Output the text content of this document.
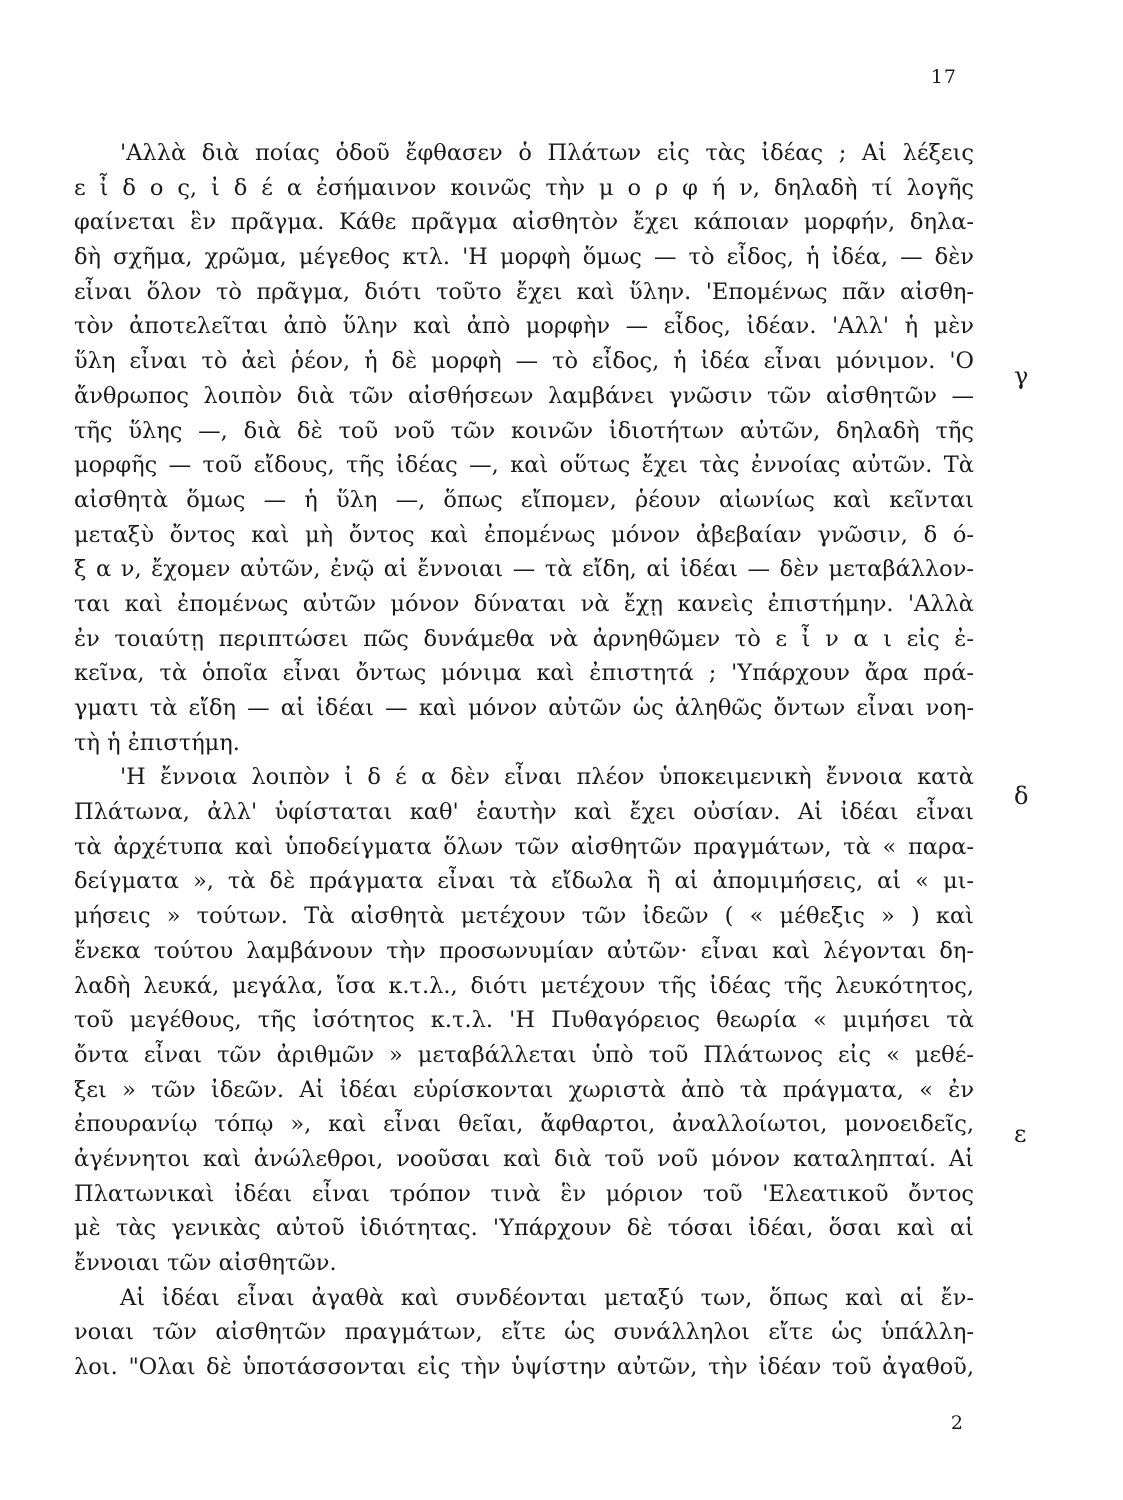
17
γ
δ
ε
'Αλλὰ διὰ ποίας ὁδοῦ ἔφθασεν ὁ Πλάτων εἰς τὰς ἰδέας ; Αἱ λέξεις
ε ἶ δ ο ς, ἰ δ έ α ἐσήμαινον κοινῶς τὴν μ ο ρ φ ή ν, δηλαδὴ τί λογῆς
φαίνεται ἓν πρᾶγμα. Κάθε πρᾶγμα αἰσθητὸν ἔχει κάποιαν μορφήν, δηλα-
δὴ σχῆμα, χρῶμα, μέγεθος κτλ. 'Η μορφὴ ὅμως — τὸ εἶδος, ἡ ἰδέα, — δὲν
εἶναι ὅλον τὸ πρᾶγμα, διότι τοῦτο ἔχει καὶ ὕλην. 'Επομένως πᾶν αἰσθη-
τὸν ἀποτελεῖται ἀπὸ ὕλην καὶ ἀπὸ μορφὴν — εἶδος, ἰδέαν. 'Αλλ' ἡ μὲν
ὕλη εἶναι τὸ ἀεὶ ῥέον, ἡ δὲ μορφὴ — τὸ εἶδος, ἡ ἰδέα εἶναι μόνιμον. 'Ο
ἄνθρωπος λοιπὸν διὰ τῶν αἰσθήσεων λαμβάνει γνῶσιν τῶν αἰσθητῶν —
τῆς ὕλης —, διὰ δὲ τοῦ νοῦ τῶν κοινῶν ἰδιοτήτων αὐτῶν, δηλαδὴ τῆς
μορφῆς — τοῦ εἴδους, τῆς ἰδέας —, καὶ οὕτως ἔχει τὰς ἐννοίας αὐτῶν. Τὰ
αἰσθητὰ ὅμως — ἡ ὕλη —, ὅπως εἴπομεν, ῥέουν αἰωνίως καὶ κεῖνται
μεταξὺ ὄντος καὶ μὴ ὄντος καὶ ἐπομένως μόνον ἀβεβαίαν γνῶσιν, δ ό-
ξ α ν, ἔχομεν αὐτῶν, ἐνῷ αἱ ἔννοιαι — τὰ εἴδη, αἱ ἰδέαι — δὲν μεταβάλλον-
ται καὶ ἐπομένως αὐτῶν μόνον δύναται νὰ ἔχῃ κανεὶς ἐπιστήμην. 'Αλλὰ
ἐν τοιαύτῃ περιπτώσει πῶς δυνάμεθα νὰ ἀρνηθῶμεν τὸ ε ἶ ν α ι εἰς ἐ-
κεῖνα, τὰ ὁποῖα εἶναι ὄντως μόνιμα καὶ ἐπιστητά ; 'Υπάρχουν ἄρα πρά-
γματι τὰ εἴδη — αἱ ἰδέαι — καὶ μόνον αὐτῶν ὡς ἀληθῶς ὄντων εἶναι νοη-
τὴ ἡ ἐπιστήμη.
'Η ἔννοια λοιπὸν ἰ δ έ α δὲν εἶναι πλέον ὑποκειμενικὴ ἔννοια κατὰ
Πλάτωνα, ἀλλ' ὑφίσταται καθ' ἑαυτὴν καὶ ἔχει οὐσίαν. Αἱ ἰδέαι εἶναι
τὰ ἀρχέτυπα καὶ ὑποδείγματα ὅλων τῶν αἰσθητῶν πραγμάτων, τὰ « παρα-
δείγματα », τὰ δὲ πράγματα εἶναι τὰ εἴδωλα ἢ αἱ ἀπομιμήσεις, αἱ « μι-
μήσεις » τούτων. Τὰ αἰσθητὰ μετέχουν τῶν ἰδεῶν ( « μέθεξις » ) καὶ
ἕνεκα τούτου λαμβάνουν τὴν προσωνυμίαν αὐτῶν· εἶναι καὶ λέγονται δη-
λαδὴ λευκά, μεγάλα, ἴσα κ.τ.λ., διότι μετέχουν τῆς ἰδέας τῆς λευκότητος,
τοῦ μεγέθους, τῆς ἰσότητος κ.τ.λ. 'Η Πυθαγόρειος θεωρία « μιμήσει τὰ
ὄντα εἶναι τῶν ἀριθμῶν » μεταβάλλεται ὑπὸ τοῦ Πλάτωνος εἰς « μεθέ-
ξει » τῶν ἰδεῶν. Αἱ ἰδέαι εὑρίσκονται χωριστὰ ἀπὸ τὰ πράγματα, « ἐν
ἐπουρανίῳ τόπῳ », καὶ εἶναι θεῖαι, ἄφθαρτοι, ἀναλλοίωτοι, μονοειδεῖς,
ἀγέννητοι καὶ ἀνώλεθροι, νοοῦσαι καὶ διὰ τοῦ νοῦ μόνον καταληπταί. Αἱ
Πλατωνικαὶ ἰδέαι εἶναι τρόπον τινὰ ἓν μόριον τοῦ 'Ελεατικοῦ ὄντος
μὲ τὰς γενικὰς αὐτοῦ ἰδιότητας. 'Υπάρχουν δὲ τόσαι ἰδέαι, ὅσαι καὶ αἱ
ἔννοιαι τῶν αἰσθητῶν.
Αἱ ἰδέαι εἶναι ἀγαθὰ καὶ συνδέονται μεταξύ των, ὅπως καὶ αἱ ἔν-
νοιαι τῶν αἰσθητῶν πραγμάτων, εἴτε ὡς συνάλληλοι εἴτε ὡς ὑπάλλη-
λοι. "Ολαι δὲ ὑποτάσσονται εἰς τὴν ὑψίστην αὐτῶν, τὴν ἰδέαν τοῦ ἀγαθοῦ,
2
